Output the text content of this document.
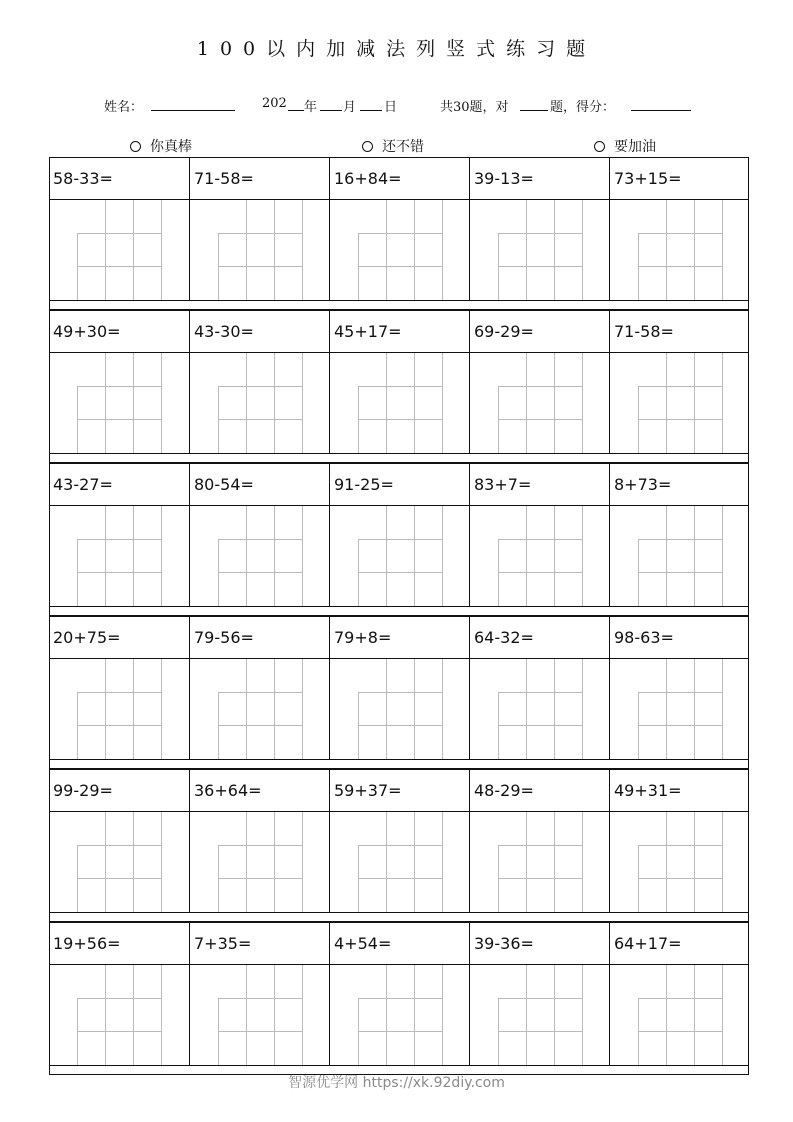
100以内加减法列竖式练习题
姓名：	202 年 月 日	共30题，对	题，得分：
你真棒	还不错	要加油
58-33=	71-58=	16+84=	39-13=	73+15=
49+30=	43-30=	45+17=	69-29=	71-58=
43-27=	80-54=	91-25=	83+7=	8+73=
20+75=	79-56=	79+8=	64-32=	98-63=
99-29=	36+64=	59+37=	48-29=	49+31=
19+56=	7+35=	4+54=	39-36=	64+17=
智源优学网 https://xk.92diy.com
